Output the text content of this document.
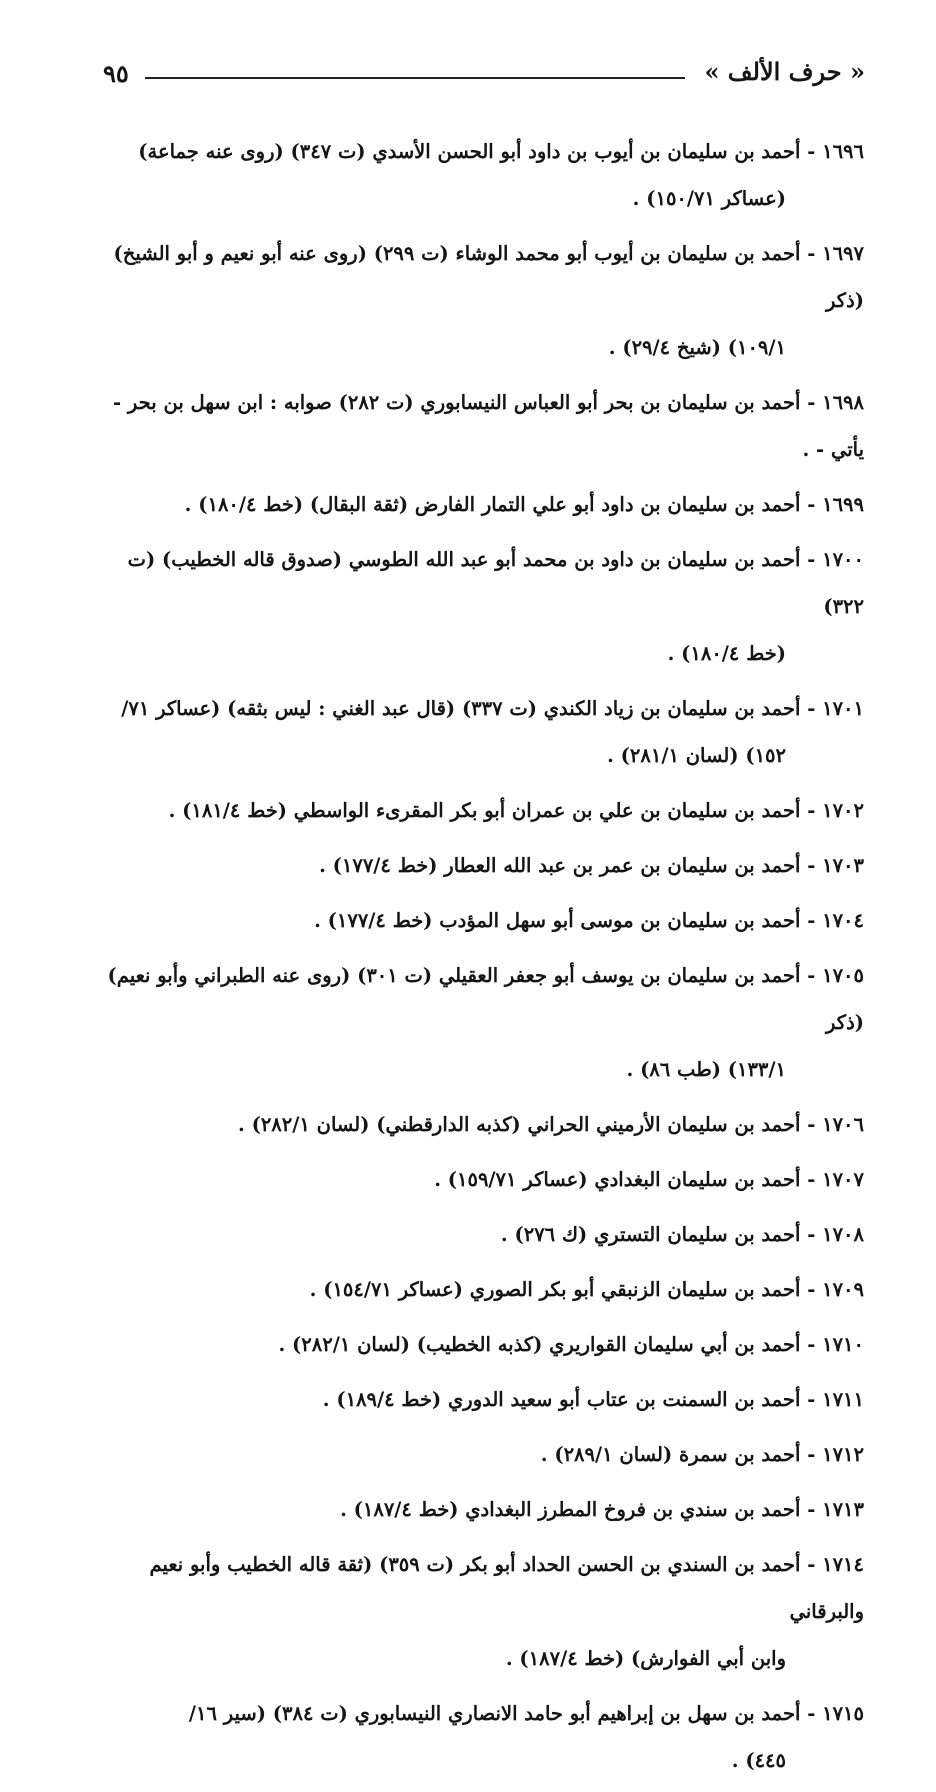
٩٥	« حرف الألف »
١٦٩٦ - أحمد بن سليمان بن أيوب بن داود أبو الحسن الأسدي (ت ٣٤٧) (روى عنه جماعة)
(عساكر ١٥٠/٧١) .
١٦٩٧ - أحمد بن سليمان بن أيوب أبو محمد الوشاء (ت ٢٩٩) (روى عنه أبو نعيم و أبو الشيخ) (ذكر
١٠٩/١) (شيخ ٢٩/٤) .
١٦٩٨ - أحمد بن سليمان بن بحر أبو العباس النيسابوري (ت ٢٨٢) صوابه : ابن سهل بن بحر - يأتي - .
١٦٩٩ - أحمد بن سليمان بن داود أبو علي التمار الفارض (ثقة البقال) (خط ١٨٠/٤) .
١٧٠٠ - أحمد بن سليمان بن داود بن محمد أبو عبد الله الطوسي (صدوق قاله الخطيب) (ت ٣٢٢)
(خط ١٨٠/٤) .
١٧٠١ - أحمد بن سليمان بن زياد الكندي (ت ٣٣٧) (قال عبد الغني : ليس بثقه) (عساكر ٧١/
١٥٢) (لسان ٢٨١/١) .
١٧٠٢ - أحمد بن سليمان بن علي بن عمران أبو بكر المقرىء الواسطي (خط ١٨١/٤) .
١٧٠٣ - أحمد بن سليمان بن عمر بن عبد الله العطار (خط ١٧٧/٤) .
١٧٠٤ - أحمد بن سليمان بن موسى أبو سهل المؤدب (خط ١٧٧/٤) .
١٧٠٥ - أحمد بن سليمان بن يوسف أبو جعفر العقيلي (ت ٣٠١) (روى عنه الطبراني وأبو نعيم) (ذكر
١٣٣/١) (طب ٨٦) .
١٧٠٦ - أحمد بن سليمان الأرميني الحراني (كذبه الدارقطني) (لسان ٢٨٢/١) .
١٧٠٧ - أحمد بن سليمان البغدادي (عساكر ١٥٩/٧١) .
١٧٠٨ - أحمد بن سليمان التستري (ك ٢٧٦) .
١٧٠٩ - أحمد بن سليمان الزنبقي أبو بكر الصوري (عساكر ١٥٤/٧١) .
١٧١٠ - أحمد بن أبي سليمان القواريري (كذبه الخطيب) (لسان ٢٨٢/١) .
١٧١١ - أحمد بن السمنت بن عتاب أبو سعيد الدوري (خط ١٨٩/٤) .
١٧١٢ - أحمد بن سمرة (لسان ٢٨٩/١) .
١٧١٣ - أحمد بن سندي بن فروخ المطرز البغدادي (خط ١٨٧/٤) .
١٧١٤ - أحمد بن السندي بن الحسن الحداد أبو بكر (ت ٣٥٩) (ثقة قاله الخطيب وأبو نعيم والبرقاني
وابن أبي الفوارش) (خط ١٨٧/٤) .
١٧١٥ - أحمد بن سهل بن إبراهيم أبو حامد الانصاري النيسابوري (ت ٣٨٤) (سير ١٦/
٤٤٥) .
